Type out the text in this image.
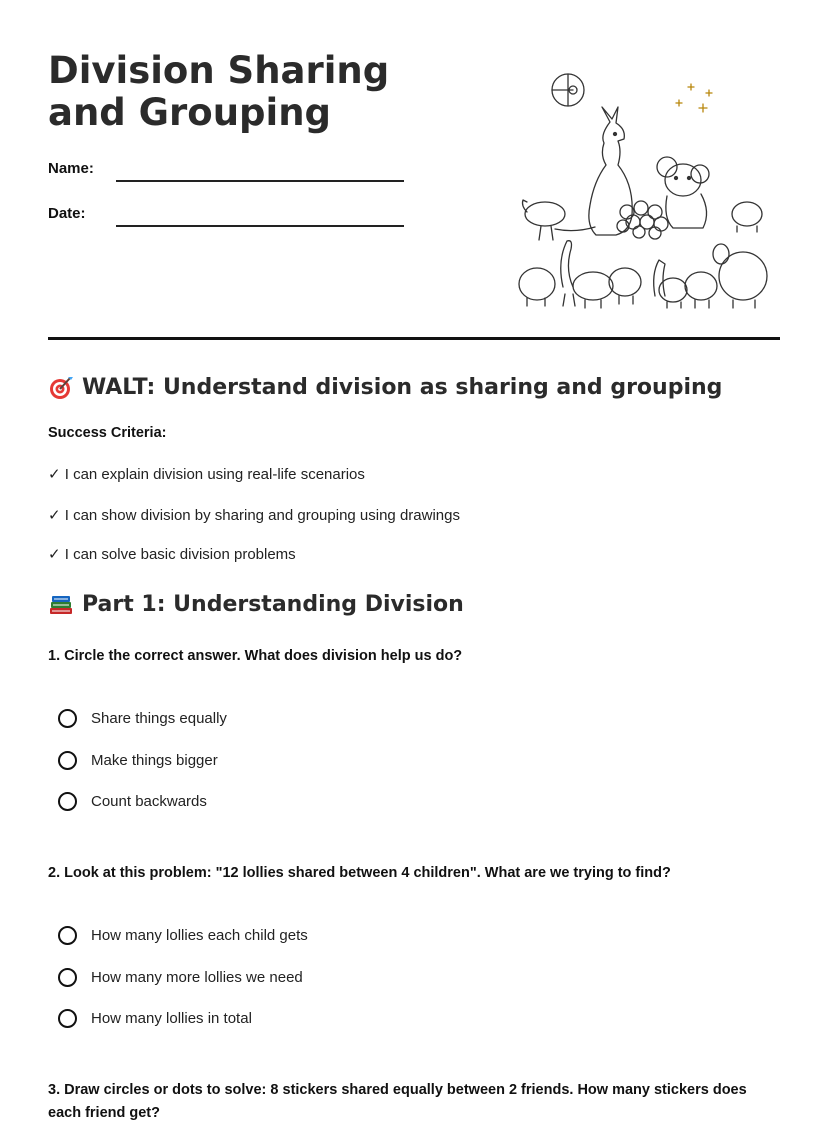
Division Sharing and Grouping
Name:
Date:
WALT: Understand division as sharing and grouping
Success Criteria:
✓ I can explain division using real-life scenarios
✓ I can show division by sharing and grouping using drawings
✓ I can solve basic division problems
Part 1: Understanding Division
1. Circle the correct answer. What does division help us do?
Share things equally
Make things bigger
Count backwards
2. Look at this problem: "12 lollies shared between 4 children". What are we trying to find?
How many lollies each child gets
How many more lollies we need
How many lollies in total
3. Draw circles or dots to solve: 8 stickers shared equally between 2 friends. How many stickers does each friend get?
